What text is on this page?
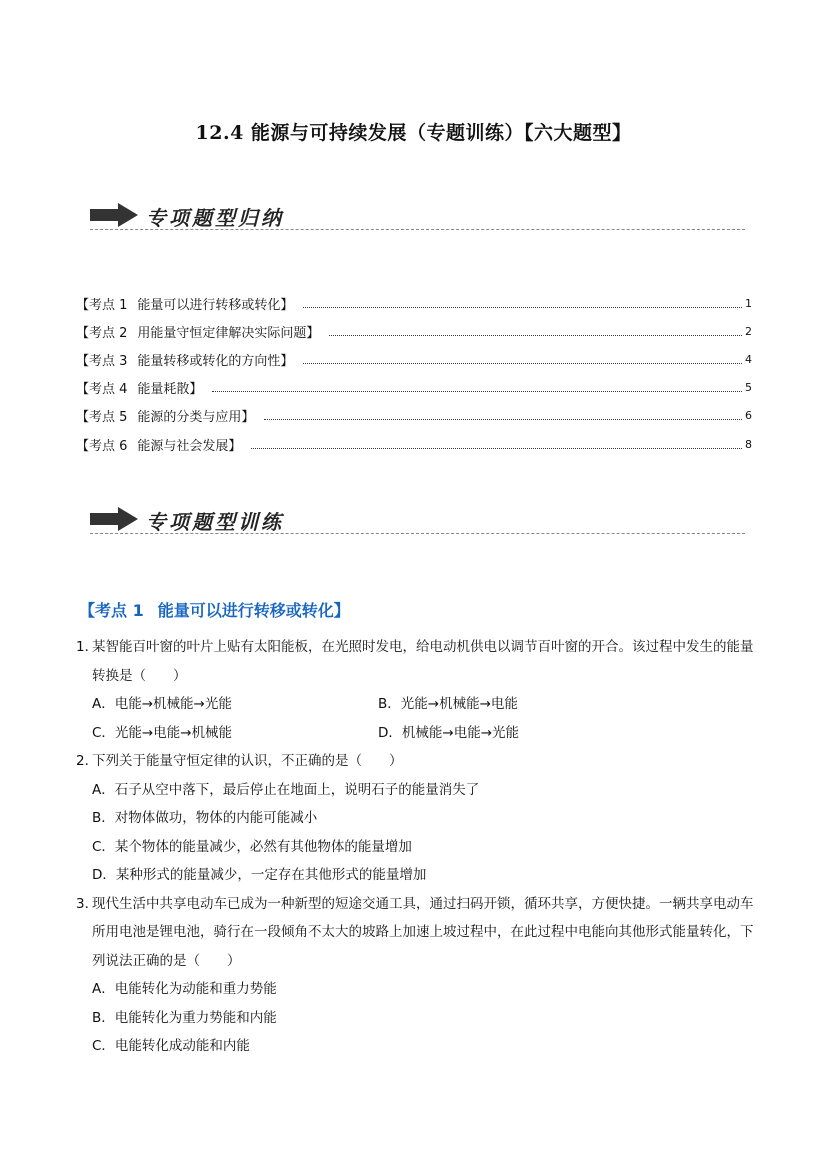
12.4 能源与可持续发展（专题训练）【六大题型】
专项题型归纳
【考点 1 能量可以进行转移或转化】	1
【考点 2 用能量守恒定律解决实际问题】	2
【考点 3 能量转移或转化的方向性】	4
【考点 4 能量耗散】	5
【考点 5 能源的分类与应用】	6
【考点 6 能源与社会发展】	8
专项题型训练
【考点 1 能量可以进行转移或转化】
1．
某智能百叶窗的叶片上贴有太阳能板，在光照时发电，给电动机供电以调节百叶窗的开合。该过程中发生的能量转换是（　　）
A．电能→机械能→光能	B．光能→机械能→电能
C．光能→电能→机械能	D．机械能→电能→光能
2．
下列关于能量守恒定律的认识，不正确的是（　　）
A．石子从空中落下，最后停止在地面上，说明石子的能量消失了
B．对物体做功，物体的内能可能减小
C．某个物体的能量减少，必然有其他物体的能量增加
D．某种形式的能量减少，一定存在其他形式的能量增加
3．
现代生活中共享电动车已成为一种新型的短途交通工具，通过扫码开锁，循环共享，方便快捷。一辆共享电动车所用电池是锂电池，骑行在一段倾角不太大的坡路上加速上坡过程中，在此过程中电能向其他形式能量转化，下列说法正确的是（　　）
A．电能转化为动能和重力势能
B．电能转化为重力势能和内能
C．电能转化成动能和内能
